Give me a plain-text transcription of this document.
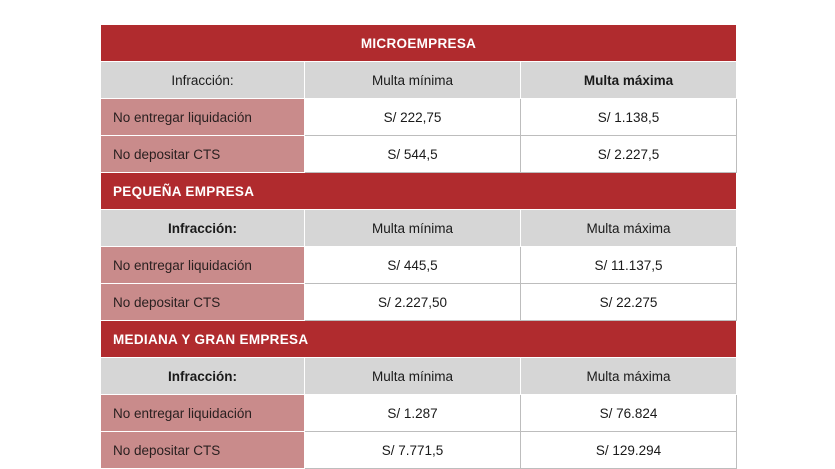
MICROEMPRESA		
Infracción:	Multa mínima	Multa máxima
No entregar liquidación	S/ 222,75	S/ 1.138,5
No depositar CTS	S/ 544,5	S/ 2.227,5
PEQUEÑA EMPRESA		
Infracción:	Multa mínima	Multa máxima
No entregar liquidación	S/ 445,5	S/ 11.137,5
No depositar CTS	S/ 2.227,50	S/ 22.275
MEDIANA Y GRAN EMPRESA		
Infracción:	Multa mínima	Multa máxima
No entregar liquidación	S/ 1.287	S/ 76.824
No depositar CTS	S/ 7.771,5	S/ 129.294
